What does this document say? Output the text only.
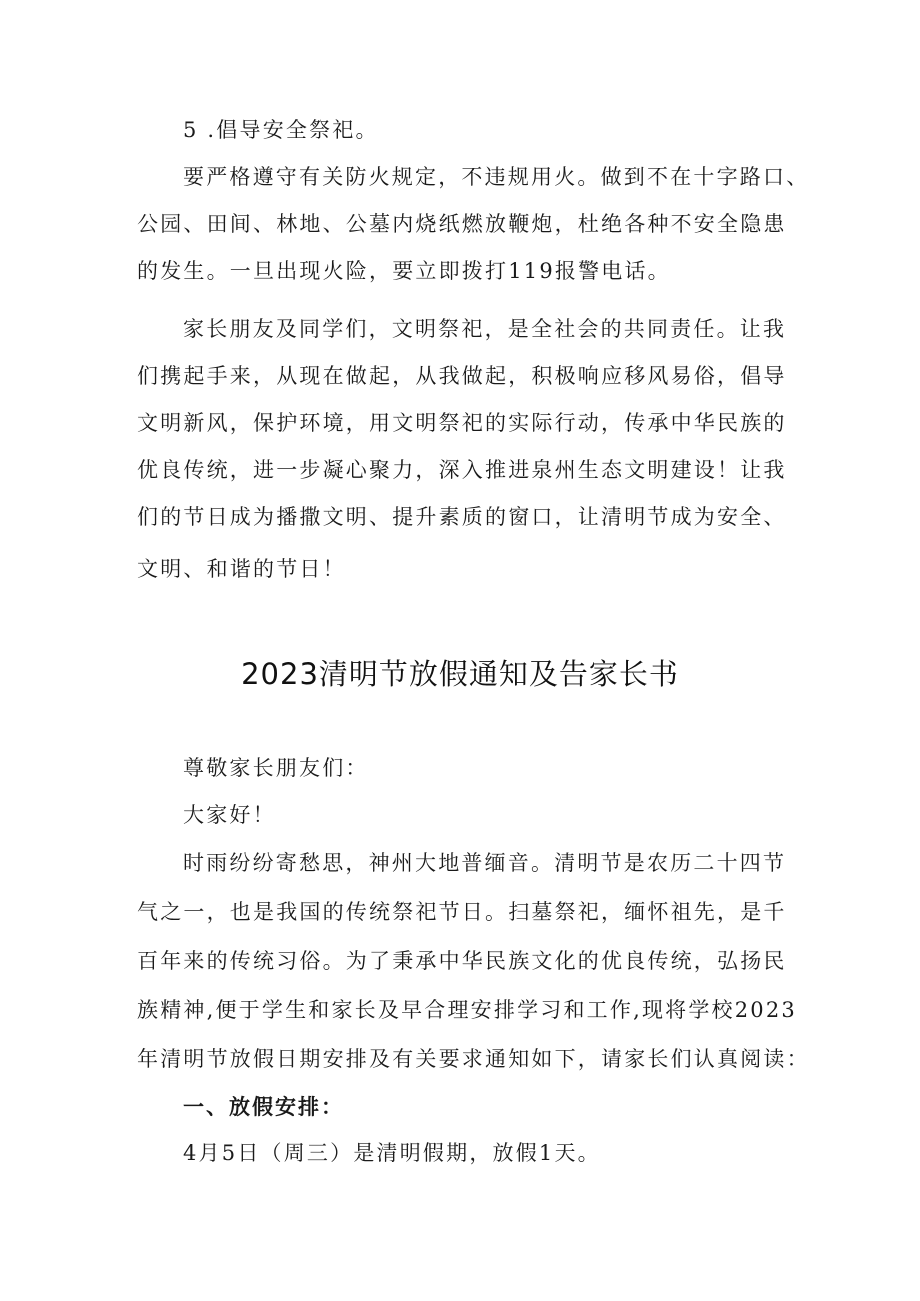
5 .倡导安全祭祀。
要严格遵守有关防火规定，不违规用火。做到不在十字路口、
公园、田间、林地、公墓内烧纸燃放鞭炮，杜绝各种不安全隐患
的发生。一旦出现火险，要立即拨打119报警电话。
家长朋友及同学们，文明祭祀，是全社会的共同责任。让我
们携起手来，从现在做起，从我做起，积极响应移风易俗，倡导
文明新风，保护环境，用文明祭祀的实际行动，传承中华民族的
优良传统，进一步凝心聚力，深入推进泉州生态文明建设！让我
们的节日成为播撒文明、提升素质的窗口，让清明节成为安全、
文明、和谐的节日！
2023清明节放假通知及告家长书
尊敬家长朋友们：
大家好！
时雨纷纷寄愁思，神州大地普缅音。清明节是农历二十四节
气之一，也是我国的传统祭祀节日。扫墓祭祀，缅怀祖先，是千
百年来的传统习俗。为了秉承中华民族文化的优良传统，弘扬民
族精神,便于学生和家长及早合理安排学习和工作,现将学校2023
年清明节放假日期安排及有关要求通知如下，请家长们认真阅读：
一、放假安排：
4月5日（周三）是清明假期，放假1天。
